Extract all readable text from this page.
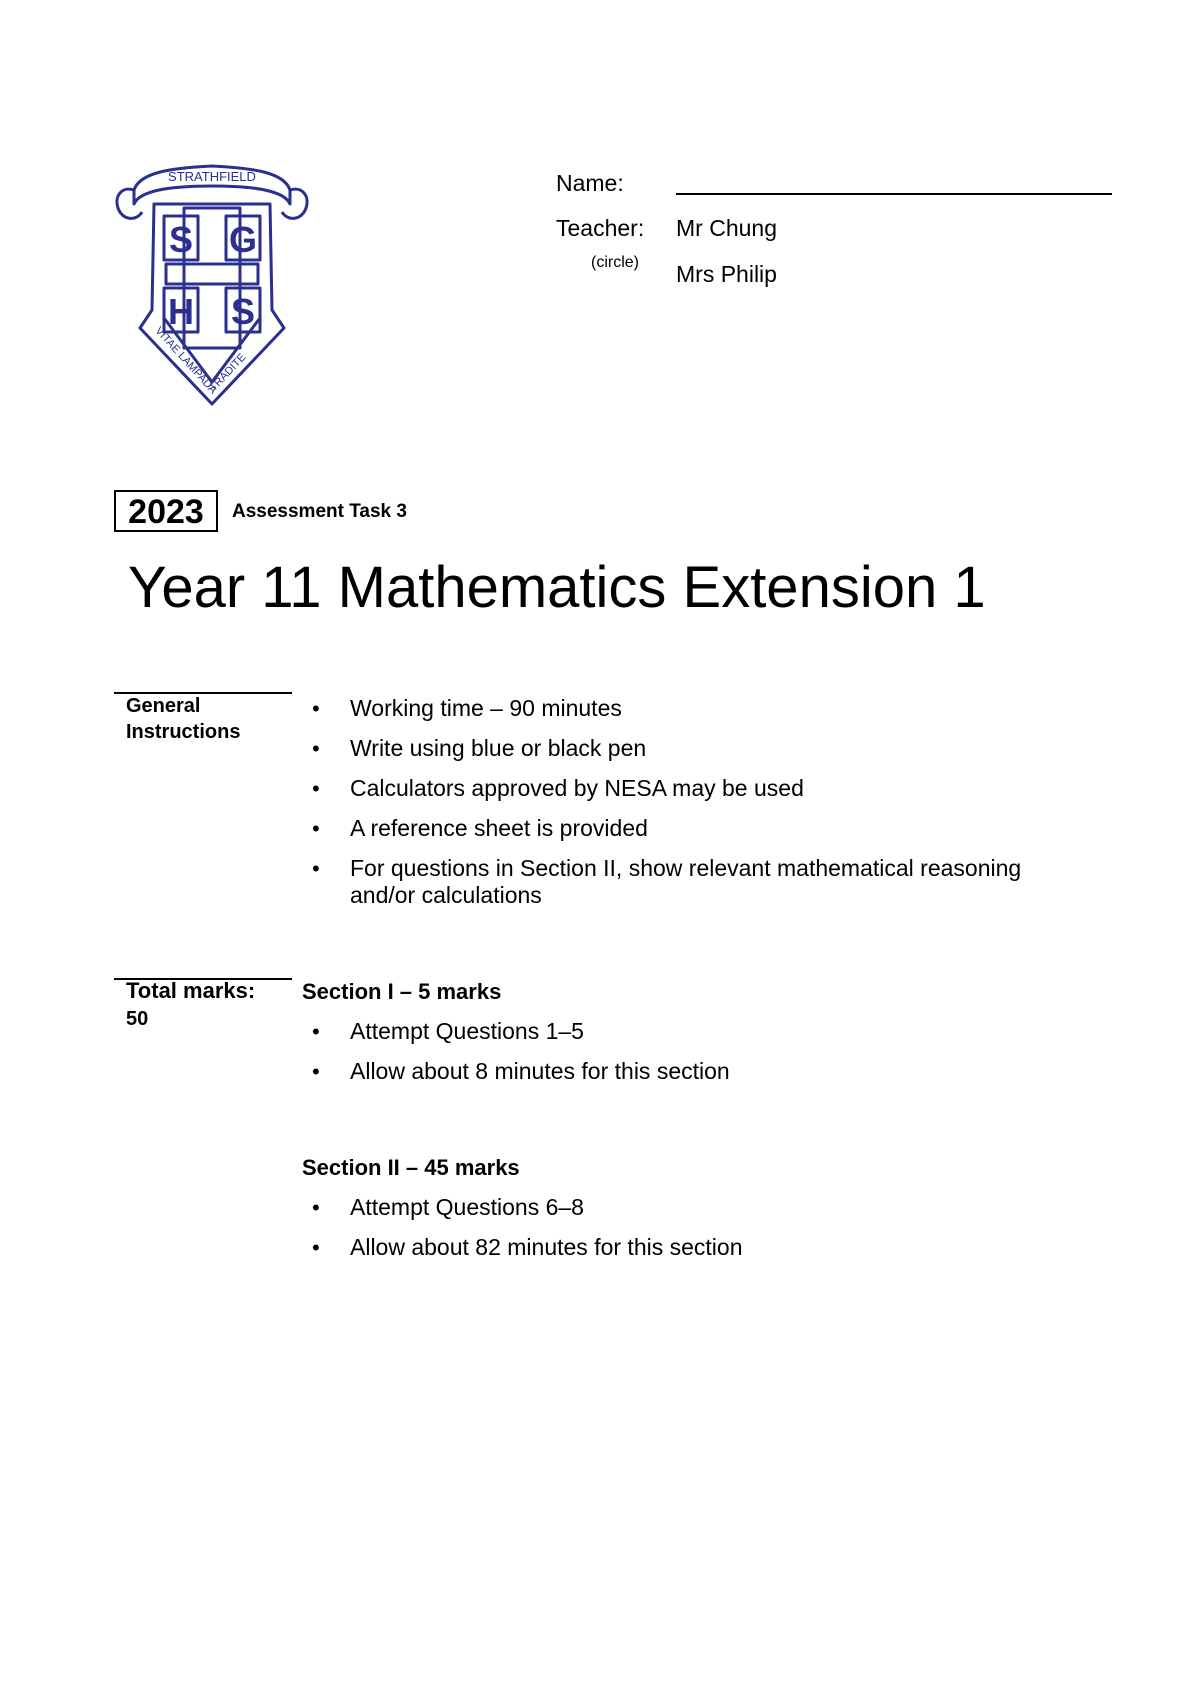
STRATHFIELD
S G
H S
VITAE LAMPADA TRADITE
Name:
Teacher:
(circle)
Mr Chung
Mrs Philip
2023	Assessment Task 3
Year 11 Mathematics Extension 1
General Instructions
• Working time – 90 minutes
• Write using blue or black pen
• Calculators approved by NESA may be used
• A reference sheet is provided
• For questions in Section II, show relevant mathematical reasoning and/or calculations
Total marks:
50
Section I – 5 marks
• Attempt Questions 1–5
• Allow about 8 minutes for this section
Section II – 45 marks
• Attempt Questions 6–8
• Allow about 82 minutes for this section
